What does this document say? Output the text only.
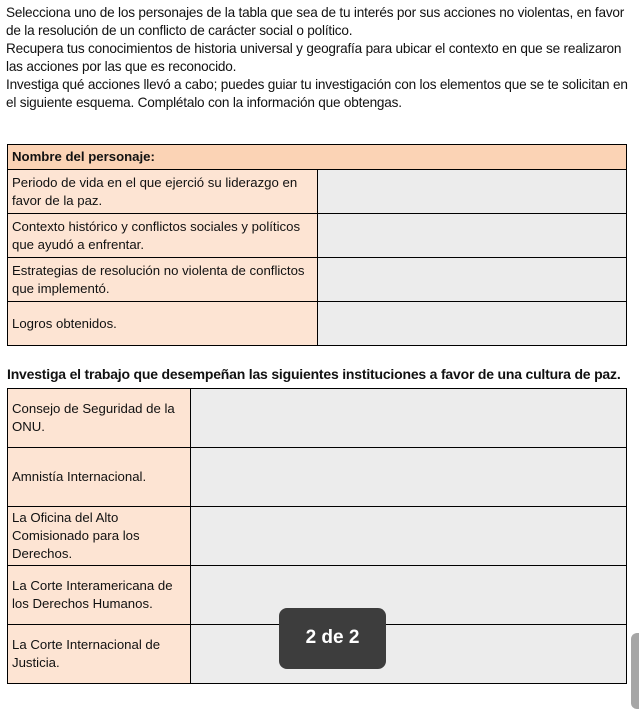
Selecciona uno de los personajes de la tabla que sea de tu interés por sus acciones no violentas, en favor de la resolución de un conflicto de carácter social o político.

Recupera tus conocimientos de historia universal y geografía para ubicar el contexto en que se realizaron las acciones por las que es reconocido.

Investiga qué acciones llevó a cabo; puedes guiar tu investigación con los elementos que se te solicitan en el siguiente esquema. Complétalo con la información que obtengas.

Nombre del personaje:	
Periodo de vida en el que ejerció su liderazgo en favor de la paz.	
Contexto histórico y conflictos sociales y políticos que ayudó a enfrentar.	
Estrategias de resolución no violenta de conflictos que implementó.	
Logros obtenidos.	
Investiga el trabajo que desempeñan las siguientes instituciones a favor de una cultura de paz.
Consejo de Seguridad de la ONU.	
Amnistía Internacional.	
La Oficina del Alto Comisionado para los Derechos.	
La Corte Interamericana de los Derechos Humanos.	
La Corte Internacional de Justicia.	
2 de 2
